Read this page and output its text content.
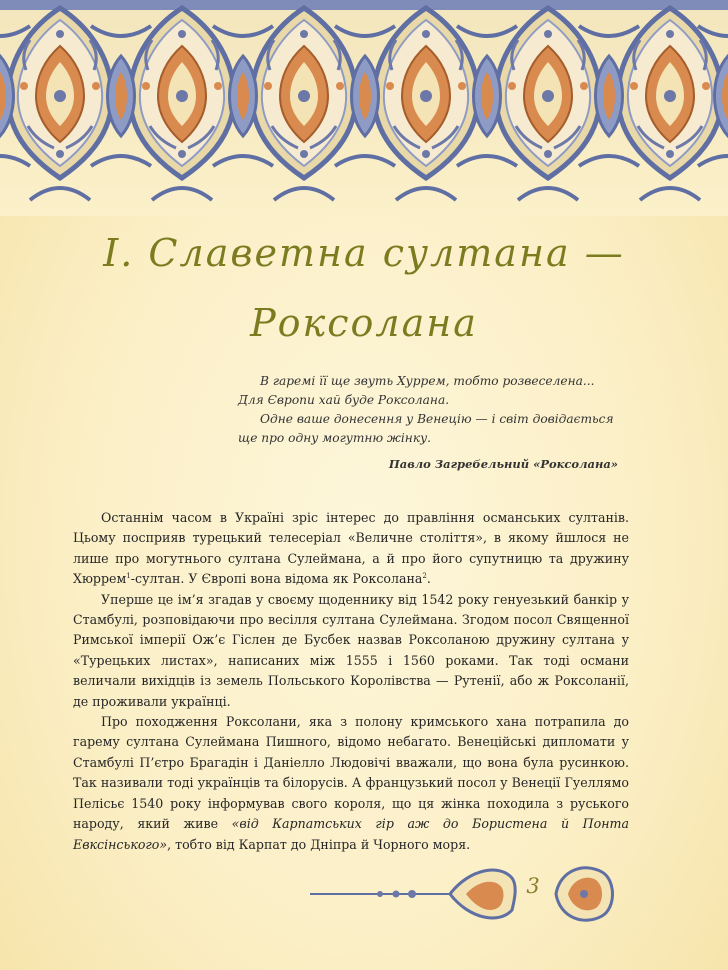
І. Славетна султана —
Роксолана

В гаремі її ще звуть Хуррем, тобто розвеселена...

Для Європи хай буде Роксолана.

Одне ваше донесення у Венецію — і світ довідається

ще про одну могутню жінку.

Павло Загребельний «Роксолана»

Останнім часом в Україні зріс інтерес до правління османських султанів. Цьому посприяв турецький телесеріал «Величне століття», в якому йшлося не лише про могутнього султана Сулеймана, а й про його супутницю та дружину Хюррем$^1$-султан. У Європі вона відома як Роксолана$^2$.

Уперше це ім’я згадав у своєму щоденнику від 1542 року генуезький банкір у Стамбулі, розповідаючи про весілля султана Сулеймана. Згодом посол Священної Римської імперії Ож’є Гіслен де Бусбек назвав Роксоланою дружину султана у «Турецьких листах», написаних між 1555 і 1560 роками. Так тоді османи величали вихідців із земель Польського Королівства — Рутенії, або ж Роксоланії, де проживали українці.

Про походження Роксолани, яка з полону кримського хана потрапила до гарему султана Сулеймана Пишного, відомо небагато. Венеційські дипломати у Стамбулі П’єтро Брагадін і Даніелло Людовічі вважали, що вона була русинкою. Так називали тоді українців та білорусів. А французький посол у Венеції Гуеллямо Пелісьє 1540 року інформував свого короля, що ця жінка походила з руського народу, який живе «від Карпатських гір аж до Бористена й Понта Евксінського», тобто від Карпат до Дніпра й Чорного моря.

3
